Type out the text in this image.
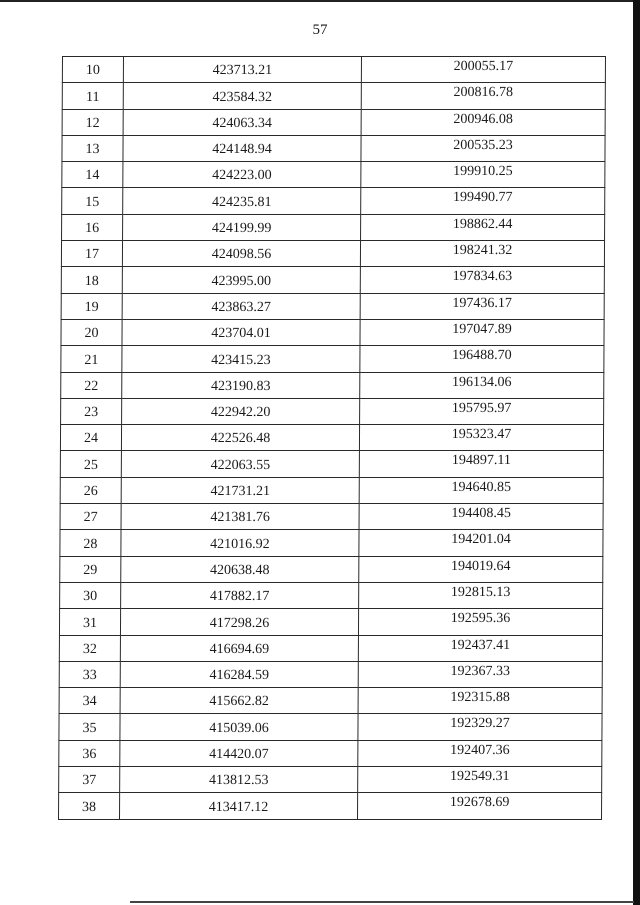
57
10	423713.21	200055.17
11	423584.32	200816.78
12	424063.34	200946.08
13	424148.94	200535.23
14	424223.00	199910.25
15	424235.81	199490.77
16	424199.99	198862.44
17	424098.56	198241.32
18	423995.00	197834.63
19	423863.27	197436.17
20	423704.01	197047.89
21	423415.23	196488.70
22	423190.83	196134.06
23	422942.20	195795.97
24	422526.48	195323.47
25	422063.55	194897.11
26	421731.21	194640.85
27	421381.76	194408.45
28	421016.92	194201.04
29	420638.48	194019.64
30	417882.17	192815.13
31	417298.26	192595.36
32	416694.69	192437.41
33	416284.59	192367.33
34	415662.82	192315.88
35	415039.06	192329.27
36	414420.07	192407.36
37	413812.53	192549.31
38	413417.12	192678.69
